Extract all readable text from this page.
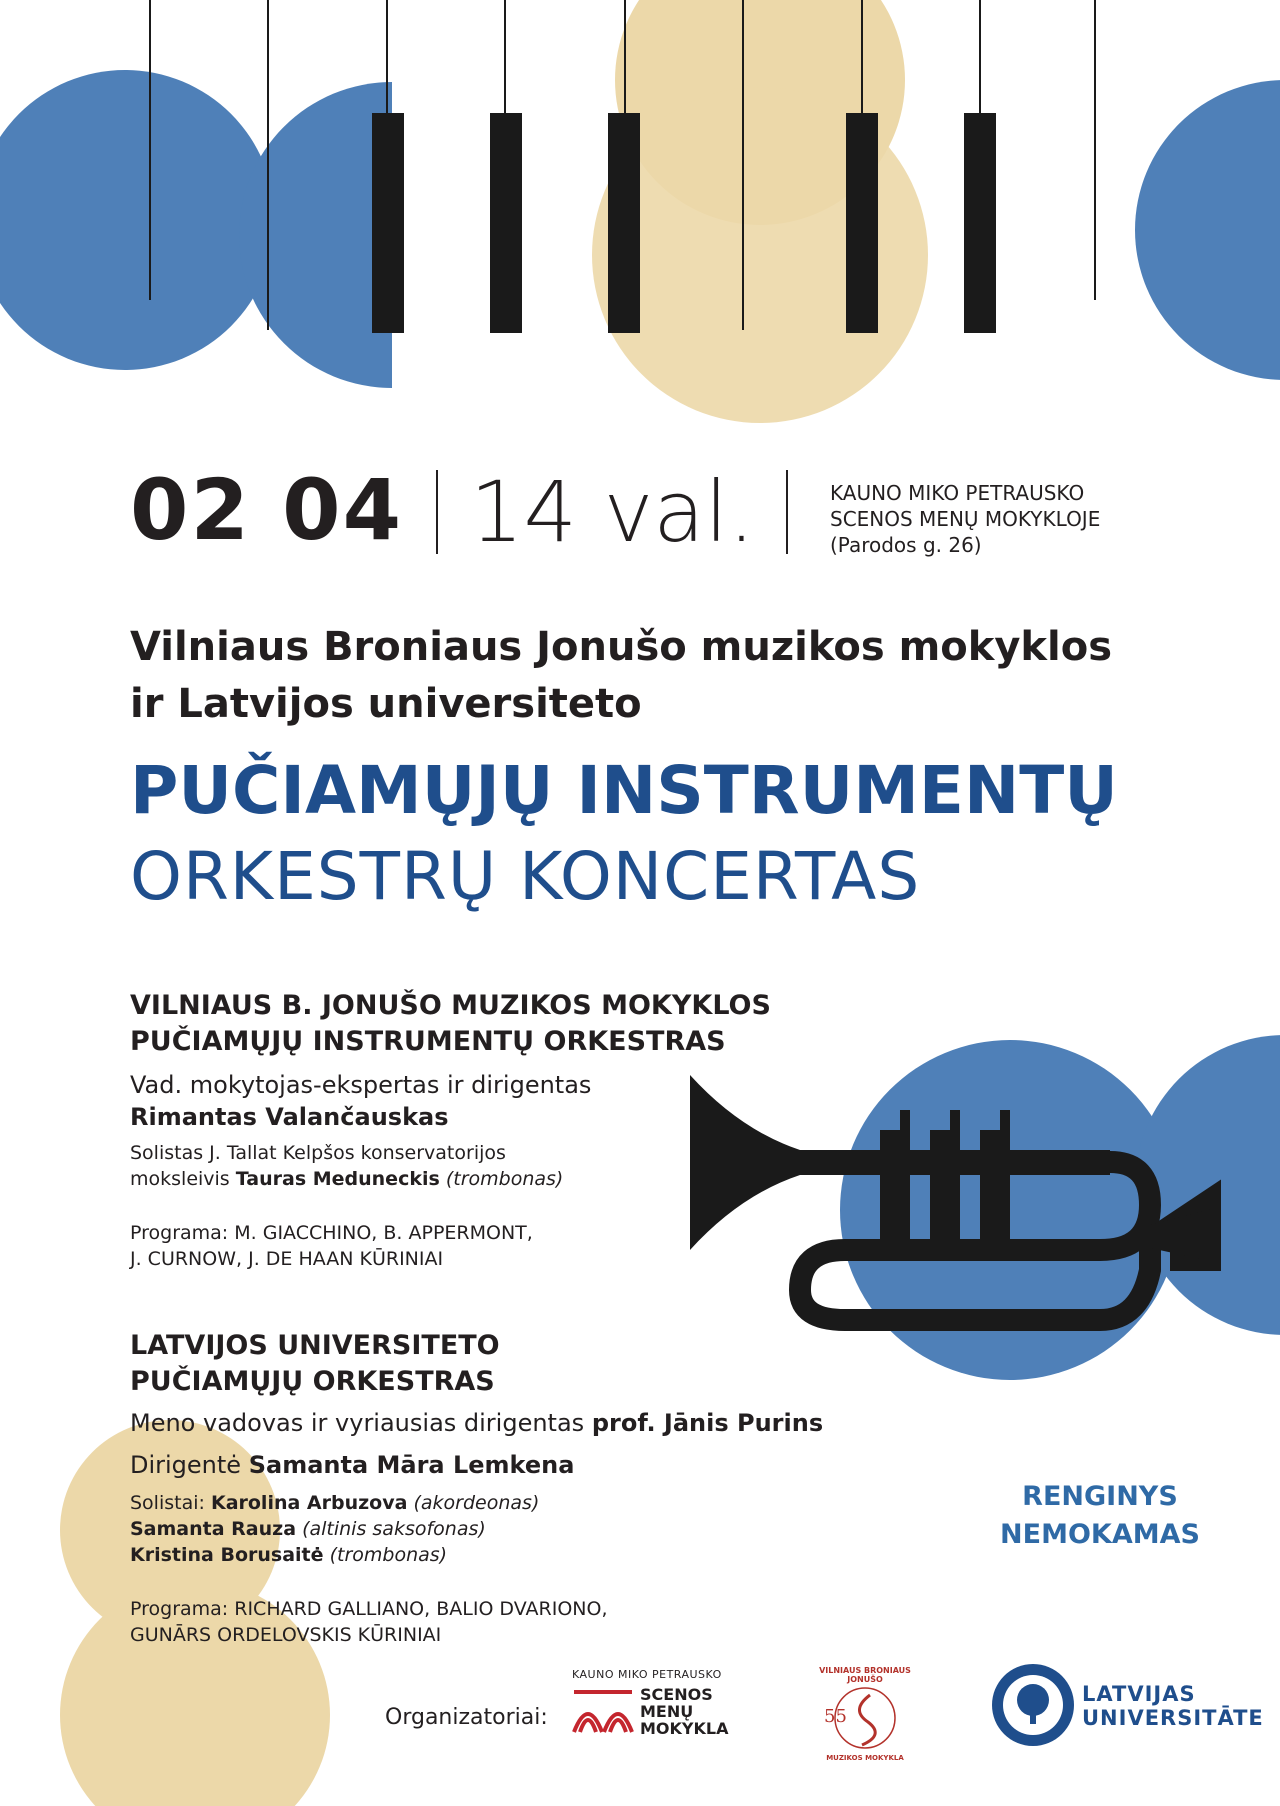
02 04 14 val.	KAUNO MIKO PETRAUSKO
SCENOS MENŲ MOKYKLOJE
(Parodos g. 26)
Vilniaus Broniaus Jonušo muzikos mokyklos
ir Latvijos universiteto
PUČIAMŲJŲ INSTRUMENTŲ
ORKESTRŲ KONCERTAS
VILNIAUS B. JONUŠO MUZIKOS MOKYKLOS
PUČIAMŲJŲ INSTRUMENTŲ ORKESTRAS
Vad. mokytojas-ekspertas ir dirigentas
Rimantas Valančauskas
Solistas J. Tallat Kelpšos konservatorijos
moksleivis Tauras Meduneckis (trombonas)
Programa: M. GIACCHINO, B. APPERMONT,
J. CURNOW, J. DE HAAN KŪRINIAI
LATVIJOS UNIVERSITETO
PUČIAMŲJŲ ORKESTRAS
Meno vadovas ir vyriausias dirigentas prof. Jānis Purins
Dirigentė Samanta Māra Lemkena
Solistai: Karolina Arbuzova (akordeonas)
Samanta Rauza (altinis saksofonas)
Kristina Borusaitė (trombonas)
Programa: RICHARD GALLIANO, BALIO DVARIONO,
GUNĀRS ORDELOVSKIS KŪRINIAI
RENGINYS
NEMOKAMAS
Organizatoriai:
KAUNO MIKO PETRAUSKO
SCENOS
MENŲ
MOKYKLA
VILNIAUS BRONIAUS JONUŠO
55
MUZIKOS MOKYKLA
LATVIJAS
UNIVERSITĀTE
